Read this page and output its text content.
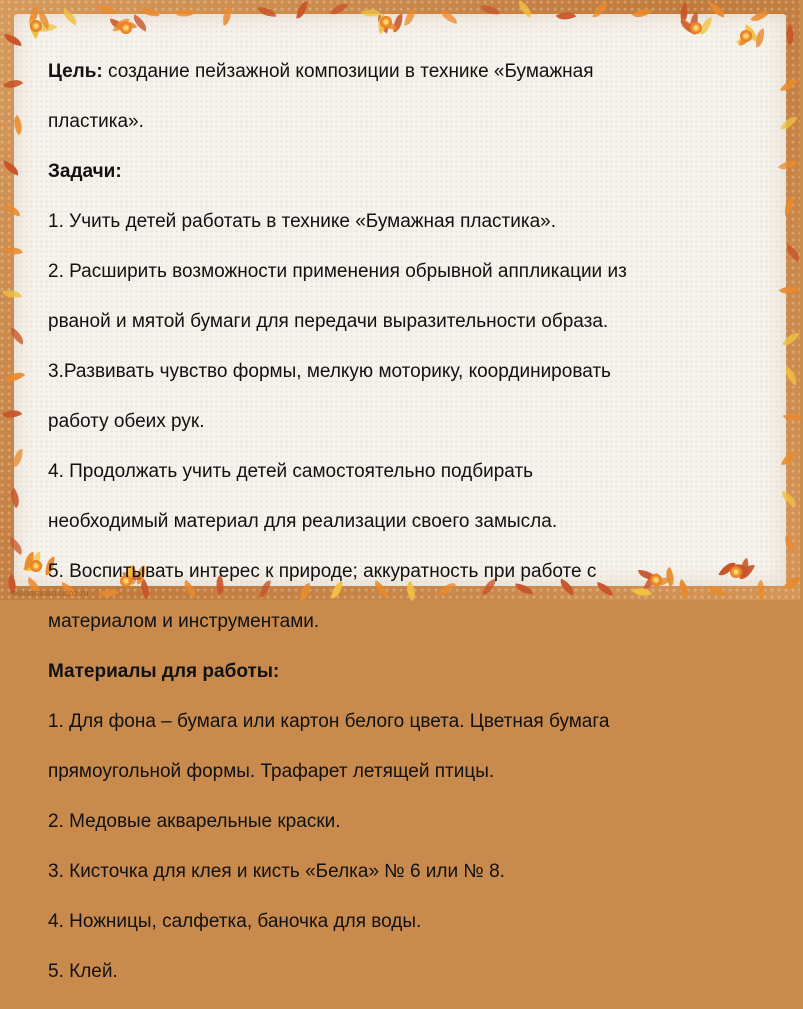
Цель: создание пейзажной композиции в технике «Бумажная

пластика».

Задачи:

1. Учить детей работать в технике «Бумажная пластика».

2. Расширить возможности применения обрывной аппликации из

рваной и мятой бумаги для передачи выразительности образа.

3.Развивать чувство формы, мелкую моторику, координировать

работу обеих рук.

4. Продолжать учить детей самостоятельно подбирать

необходимый материал для реализации своего замысла.

5. Воспитывать интерес к природе; аккуратность при работе с

материалом и инструментами.

Материалы для работы:

1. Для фона – бумага или картон белого цвета. Цветная бумага

прямоугольной формы. Трафарет летящей птицы.

2. Медовые акварельные краски.

3. Кисточка для клея и кисть «Белка» № 6 или № 8.

4. Ножницы, салфетка, баночка для воды.

5. Клей.

elenaranko.ucoz.ru
